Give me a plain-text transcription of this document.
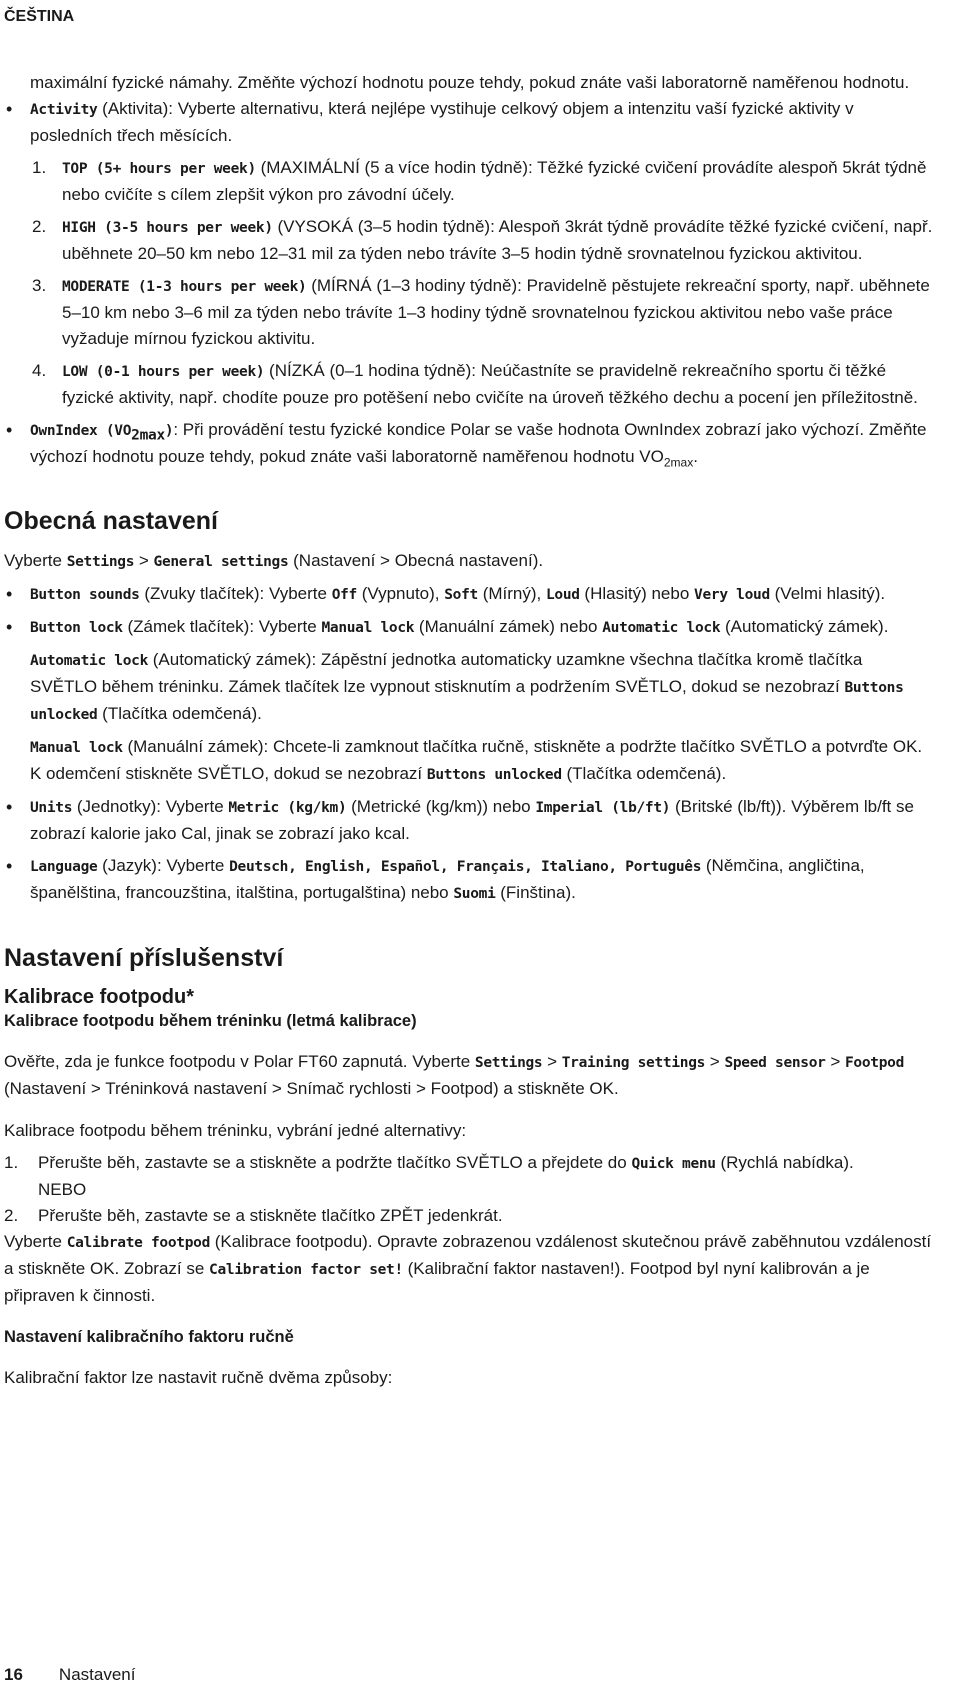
ČEŠTINA

maximální fyzické námahy. Změňte výchozí hodnotu pouze tehdy, pokud znáte vaši laboratorně naměřenou hodnotu.

• Activity (Aktivita): Vyberte alternativu, která nejlépe vystihuje celkový objem a intenzitu vaší fyzické aktivity v posledních třech měsících.

1. TOP (5+ hours per week) (MAXIMÁLNÍ (5 a více hodin týdně): Těžké fyzické cvičení provádíte alespoň 5krát týdně nebo cvičíte s cílem zlepšit výkon pro závodní účely.

2. HIGH (3-5 hours per week) (VYSOKÁ (3–5 hodin týdně): Alespoň 3krát týdně provádíte těžké fyzické cvičení, např. uběhnete 20–50 km nebo 12–31 mil za týden nebo trávíte 3–5 hodin týdně srovnatelnou fyzickou aktivitou.

3. MODERATE (1-3 hours per week) (MÍRNÁ (1–3 hodiny týdně): Pravidelně pěstujete rekreační sporty, např. uběhnete 5–10 km nebo 3–6 mil za týden nebo trávíte 1–3 hodiny týdně srovnatelnou fyzickou aktivitou nebo vaše práce vyžaduje mírnou fyzickou aktivitu.

4. LOW (0-1 hours per week) (NÍZKÁ (0–1 hodina týdně): Neúčastníte se pravidelně rekreačního sportu či těžké fyzické aktivity, např. chodíte pouze pro potěšení nebo cvičíte na úroveň těžkého dechu a pocení jen příležitostně.

• OwnIndex $(VO_{2max})$: Při provádění testu fyzické kondice Polar se vaše hodnota OwnIndex zobrazí jako výchozí. Změňte výchozí hodnotu pouze tehdy, pokud znáte vaši laboratorně naměřenou hodnotu $VO_{2max}$.

Obecná nastavení

Vyberte Settings > General settings (Nastavení > Obecná nastavení).

• Button sounds (Zvuky tlačítek): Vyberte Off (Vypnuto), Soft (Mírný), Loud (Hlasitý) nebo Very loud (Velmi hlasitý).

• Button lock (Zámek tlačítek): Vyberte Manual lock (Manuální zámek) nebo Automatic lock (Automatický zámek).

Automatic lock (Automatický zámek): Zápěstní jednotka automaticky uzamkne všechna tlačítka kromě tlačítka SVĚTLO během tréninku. Zámek tlačítek lze vypnout stisknutím a podržením SVĚTLO, dokud se nezobrazí Buttons unlocked (Tlačítka odemčená).

Manual lock (Manuální zámek): Chcete-li zamknout tlačítka ručně, stiskněte a podržte tlačítko SVĚTLO a potvrďte OK. K odemčení stiskněte SVĚTLO, dokud se nezobrazí Buttons unlocked (Tlačítka odemčená).

• Units (Jednotky): Vyberte Metric (kg/km) (Metrické (kg/km)) nebo Imperial (lb/ft) (Britské (lb/ft)). Výběrem lb/ft se zobrazí kalorie jako Cal, jinak se zobrazí jako kcal.

• Language (Jazyk): Vyberte Deutsch, English, Español, Français, Italiano, Português (Němčina, angličtina, španělština, francouzština, italština, portugalština) nebo Suomi (Finština).

Nastavení příslušenství
Kalibrace footpodu*
Kalibrace footpodu během tréninku (letmá kalibrace)

Ověřte, zda je funkce footpodu v Polar FT60 zapnutá. Vyberte Settings > Training settings > Speed sensor > Footpod (Nastavení > Tréninková nastavení > Snímač rychlosti > Footpod) a stiskněte OK.

Kalibrace footpodu během tréninku, vybrání jedné alternativy:

1. Přerušte běh, zastavte se a stiskněte a podržte tlačítko SVĚTLO a přejdete do Quick menu (Rychlá nabídka).

NEBO

2. Přerušte běh, zastavte se a stiskněte tlačítko ZPĚT jedenkrát.

Vyberte Calibrate footpod (Kalibrace footpodu). Opravte zobrazenou vzdálenost skutečnou právě zaběhnutou vzdáleností a stiskněte OK. Zobrazí se Calibration factor set! (Kalibrační faktor nastaven!). Footpod byl nyní kalibrován a je připraven k činnosti.

Nastavení kalibračního faktoru ručně

Kalibrační faktor lze nastavit ručně dvěma způsoby:

16 Nastavení
